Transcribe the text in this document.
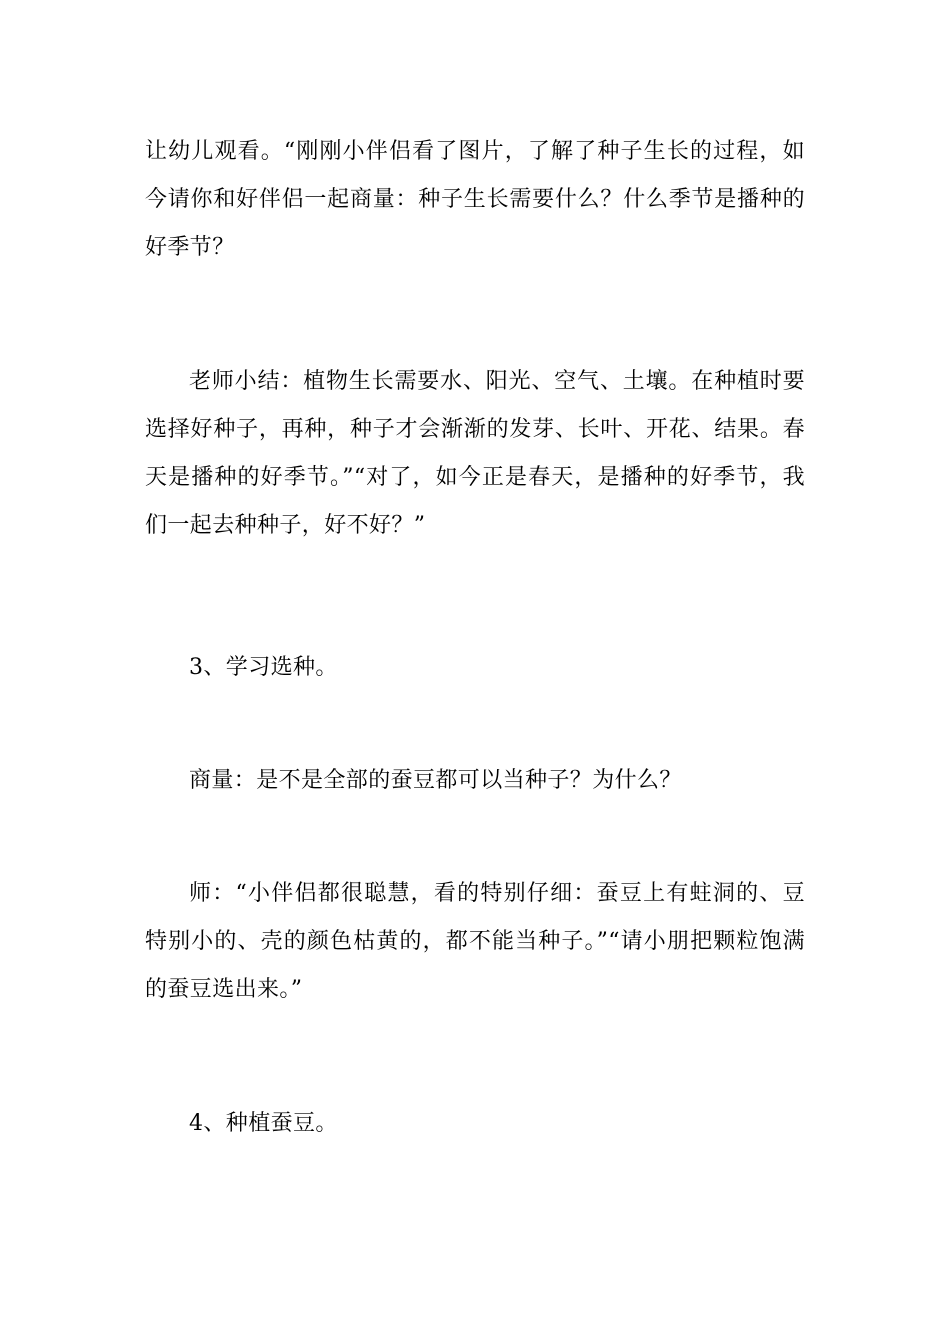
让幼儿观看。“刚刚小伴侣看了图片，了解了种子生长的过程，如今请你和好伴侣一起商量：种子生长需要什么？什么季节是播种的好季节？

老师小结：植物生长需要水、阳光、空气、土壤。在种植时要选择好种子，再种，种子才会渐渐的发芽、长叶、开花、结果。春天是播种的好季节。”“对了，如今正是春天，是播种的好季节，我们一起去种种子，好不好？”

3、学习选种。

商量：是不是全部的蚕豆都可以当种子？为什么？

师：“小伴侣都很聪慧，看的特别仔细：蚕豆上有蛀洞的、豆特别小的、壳的颜色枯黄的，都不能当种子。”“请小朋把颗粒饱满的蚕豆选出来。”

4、种植蚕豆。
